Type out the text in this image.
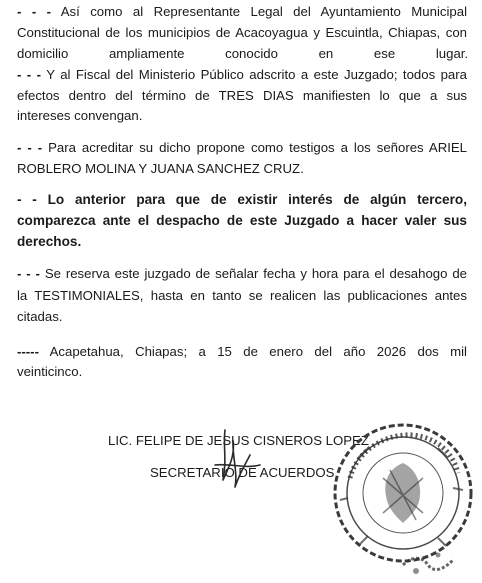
- - - Así como al Representante Legal del Ayuntamiento Municipal
Constitucional de los municipios de Acacoyagua y Escuintla, Chiapas, con
domicilio ampliamente conocido en ese lugar.
- - - Y al Fiscal del Ministerio Público adscrito a este Juzgado; todos para
efectos dentro del término de TRES DIAS manifiesten lo que a sus
intereses convengan.
- - - Para acreditar su dicho propone como testigos a los señores ARIEL
ROBLERO MOLINA Y JUANA SANCHEZ CRUZ.
- - Lo anterior para que de existir interés de algún tercero,
comparezca ante el despacho de este Juzgado a hacer valer sus
derechos.
- - - Se reserva este juzgado de señalar fecha y hora para el desahogo de
la TESTIMONIALES, hasta en tanto se realicen las publicaciones antes
citadas.
----- Acapetahua, Chiapas; a 15 de enero del año 2026 dos mil
veinticinco.
LIC. FELIPE DE JESUS CISNEROS LOPEZ
SECRETARIO DE ACUERDOS
